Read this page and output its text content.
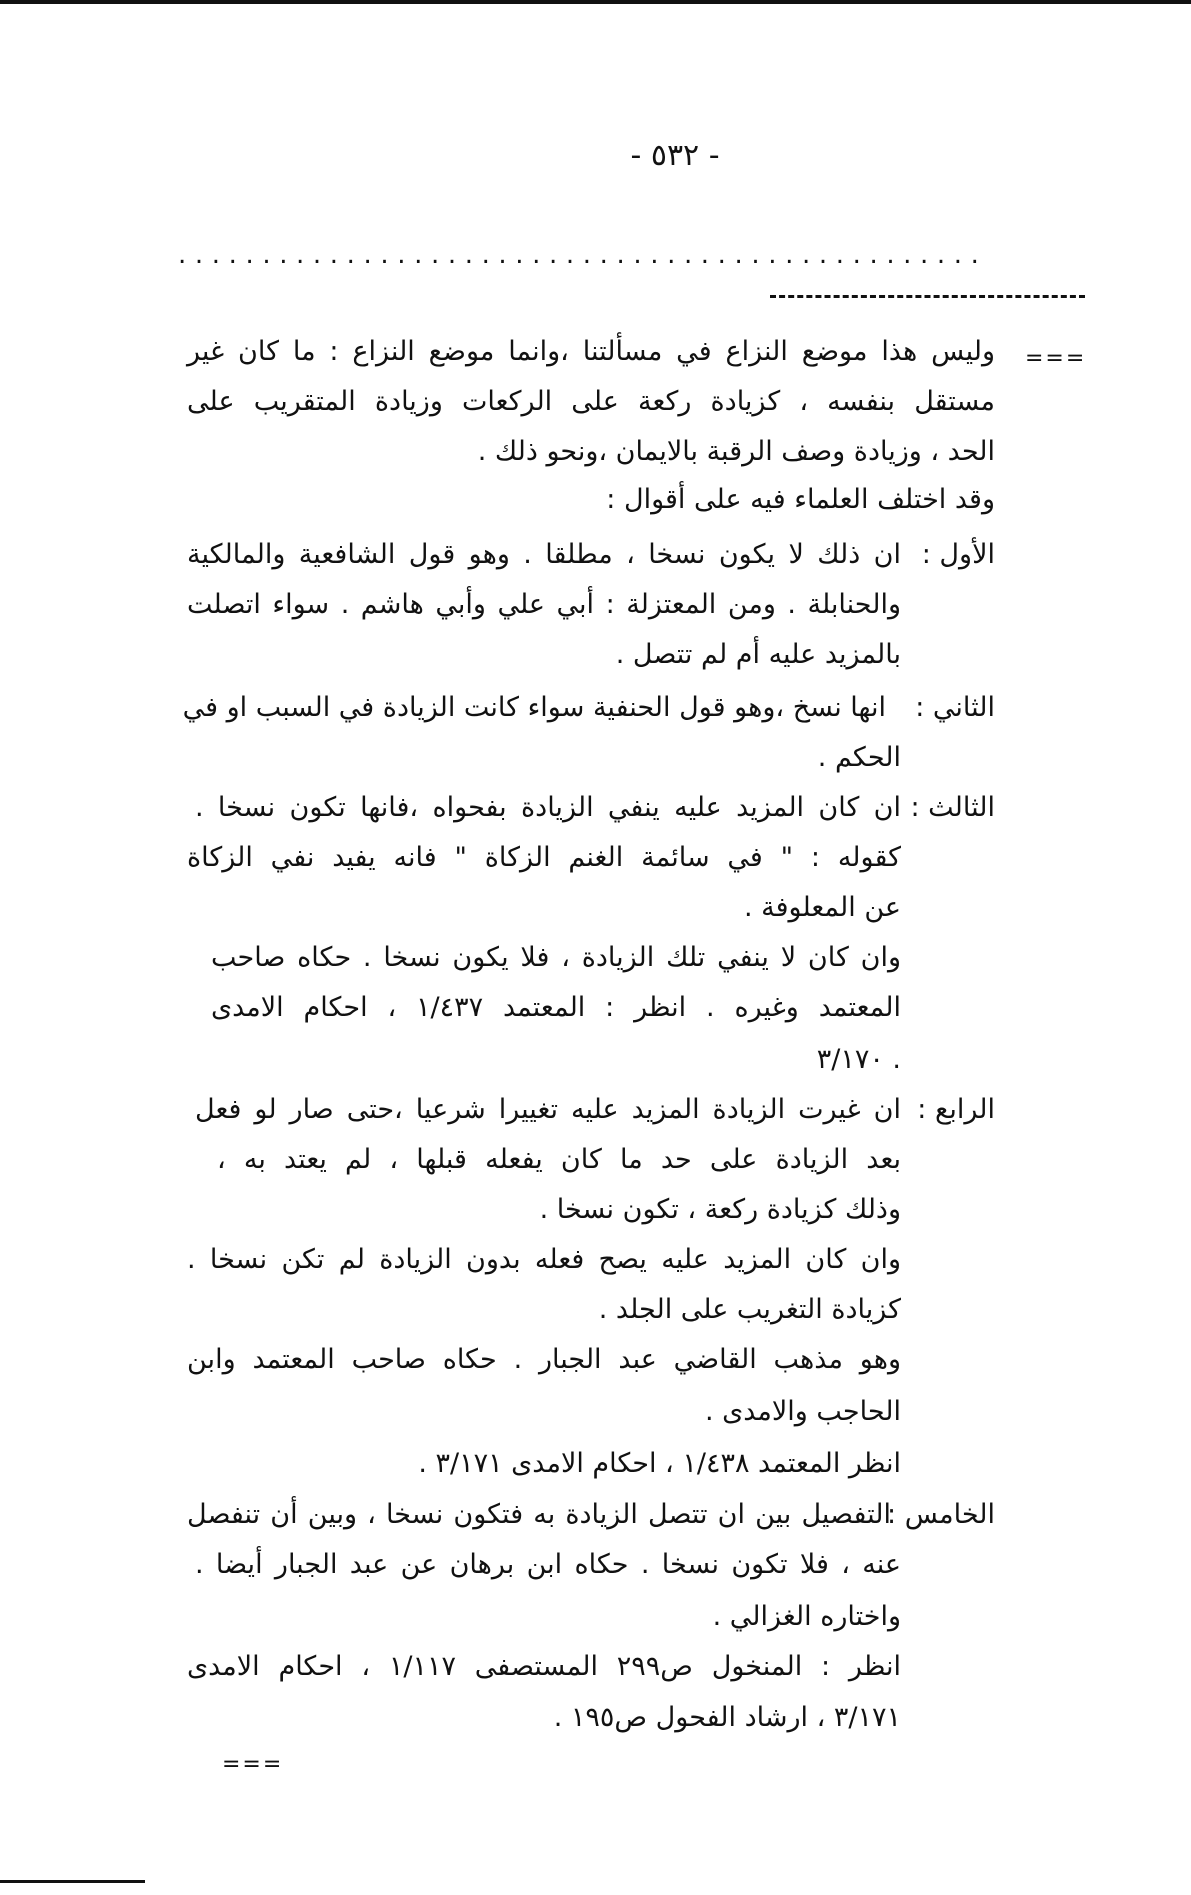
- ٥٣٢ -
................................................
===
وليس هذا موضع النزاع في مسألتنا ،وانما موضع النزاع : ما كان غير
مستقل بنفسه ، كزيادة ركعة على الركعات وزيادة المتقريب على
الحد ، وزيادة وصف الرقبة بالايمان ،ونحو ذلك .
وقد اختلف العلماء فيه على أقوال :
الأول :
ان ذلك لا يكون نسخا ، مطلقا . وهو قول الشافعية والمالكية
والحنابلة . ومن المعتزلة : أبي علي وأبي هاشم . سواء اتصلت
بالمزيد عليه أم لم تتصل .
الثاني :
انها نسخ ،وهو قول الحنفية سواء كانت الزيادة في السبب او في
الحكم .
الثالث :
ان كان المزيد عليه ينفي الزيادة بفحواه ،فانها تكون نسخا .
كقوله : " في سائمة الغنم الزكاة " فانه يفيد نفي الزكاة
عن المعلوفة .
وان كان لا ينفي تلك الزيادة ، فلا يكون نسخا . حكاه صاحب
المعتمد وغيره . انظر : المعتمد ١/٤٣٧ ، احكام الامدى
٣/١٧٠ .
الرابع :
ان غيرت الزيادة المزيد عليه تغييرا شرعيا ،حتى صار لو فعل
بعد الزيادة على حد ما كان يفعله قبلها ، لم يعتد به ،
وذلك كزيادة ركعة ، تكون نسخا .
وان كان المزيد عليه يصح فعله بدون الزيادة لم تكن نسخا .
كزيادة التغريب على الجلد .
وهو مذهب القاضي عبد الجبار . حكاه صاحب المعتمد وابن
الحاجب والامدى .
انظر المعتمد ١/٤٣٨ ، احكام الامدى ٣/١٧١ .
الخامس :
التفصيل بين ان تتصل الزيادة به فتكون نسخا ، وبين أن تنفصل
عنه ، فلا تكون نسخا . حكاه ابن برهان عن عبد الجبار أيضا .
واختاره الغزالي .
انظر : المنخول ص٢٩٩ المستصفى ١/١١٧ ، احكام الامدى
٣/١٧١ ، ارشاد الفحول ص١٩٥ .
===
